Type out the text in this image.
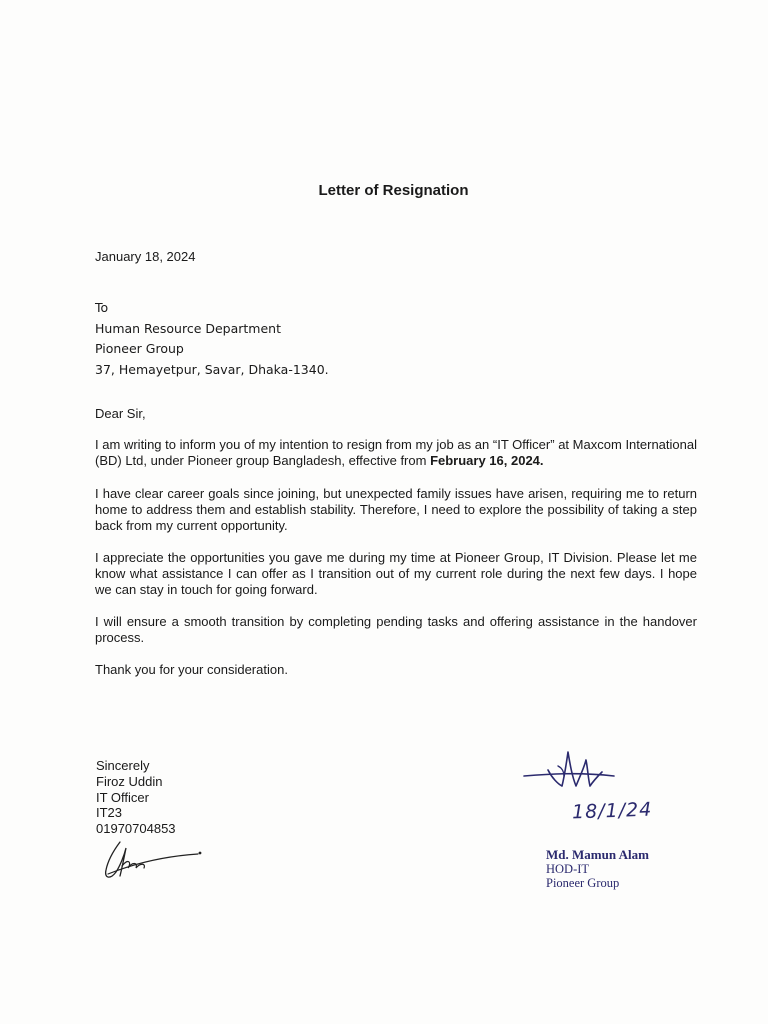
Letter of Resignation
January 18, 2024
To
Human Resource Department
Pioneer Group
37, Hemayetpur, Savar, Dhaka-1340.
Dear Sir,
I am writing to inform you of my intention to resign from my job as an “IT Officer” at Maxcom International (BD) Ltd, under Pioneer group Bangladesh, effective from February 16, 2024.
I have clear career goals since joining, but unexpected family issues have arisen, requiring me to return home to address them and establish stability. Therefore, I need to explore the possibility of taking a step back from my current opportunity.
I appreciate the opportunities you gave me during my time at Pioneer Group, IT Division. Please let me know what assistance I can offer as I transition out of my current role during the next few days. I hope we can stay in touch for going forward.
I will ensure a smooth transition by completing pending tasks and offering assistance in the handover process.
Thank you for your consideration.
Sincerely
Firoz Uddin
IT Officer
IT23
01970704853
18/1/24
Md. Mamun Alam
HOD-IT
Pioneer Group
